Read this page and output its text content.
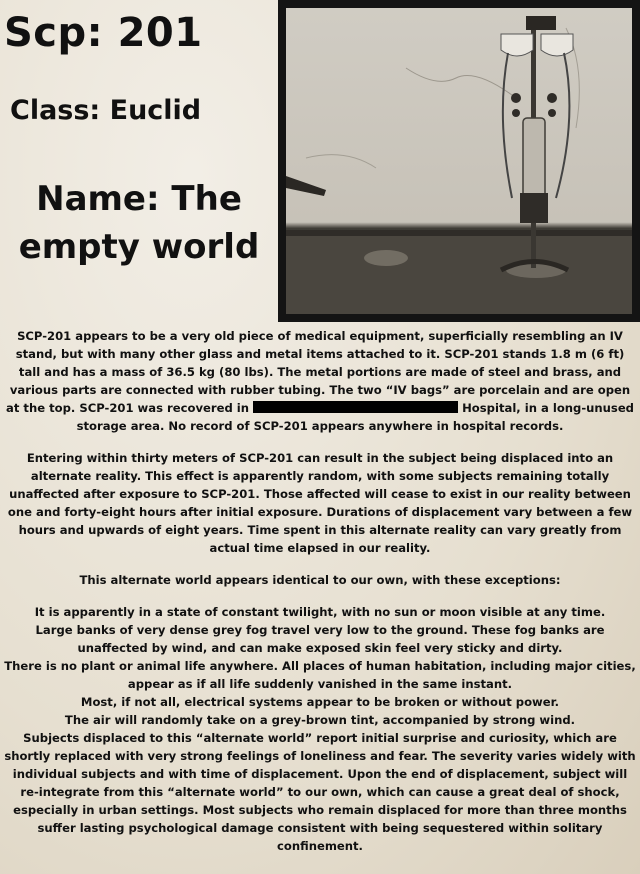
Scp: 201
Class: Euclid
Name: The empty world

SCP-201 appears to be a very old piece of medical equipment, superficially resembling an IV stand, but with many other glass and metal items attached to it. SCP-201 stands 1.8 m (6 ft) tall and has a mass of 36.5 kg (80 lbs). The metal portions are made of steel and brass, and various parts are connected with rubber tubing. The two “IV bags” are porcelain and are open at the top. SCP-201 was recovered in	Hospital, in a long-unused storage area. No record of SCP-201 appears anywhere in hospital records.

Entering within thirty meters of SCP-201 can result in the subject being displaced into an alternate reality. This effect is apparently random, with some subjects remaining totally unaffected after exposure to SCP-201. Those affected will cease to exist in our reality between one and forty-eight hours after initial exposure. Durations of displacement vary between a few hours and upwards of eight years. Time spent in this alternate reality can vary greatly from actual time elapsed in our reality.

This alternate world appears identical to our own, with these exceptions:

It is apparently in a state of constant twilight, with no sun or moon visible at any time.
Large banks of very dense grey fog travel very low to the ground. These fog banks are unaffected by wind, and can make exposed skin feel very sticky and dirty.
There is no plant or animal life anywhere. All places of human habitation, including major cities, appear as if all life suddenly vanished in the same instant.
Most, if not all, electrical systems appear to be broken or without power.
The air will randomly take on a grey-brown tint, accompanied by strong wind.
Subjects displaced to this “alternate world” report initial surprise and curiosity, which are shortly replaced with very strong feelings of loneliness and fear. The severity varies widely with individual subjects and with time of displacement. Upon the end of displacement, subject will re-integrate from this “alternate world” to our own, which can cause a great deal of shock, especially in urban settings. Most subjects who remain displaced for more than three months suffer lasting psychological damage consistent with being sequestered within solitary confinement.
